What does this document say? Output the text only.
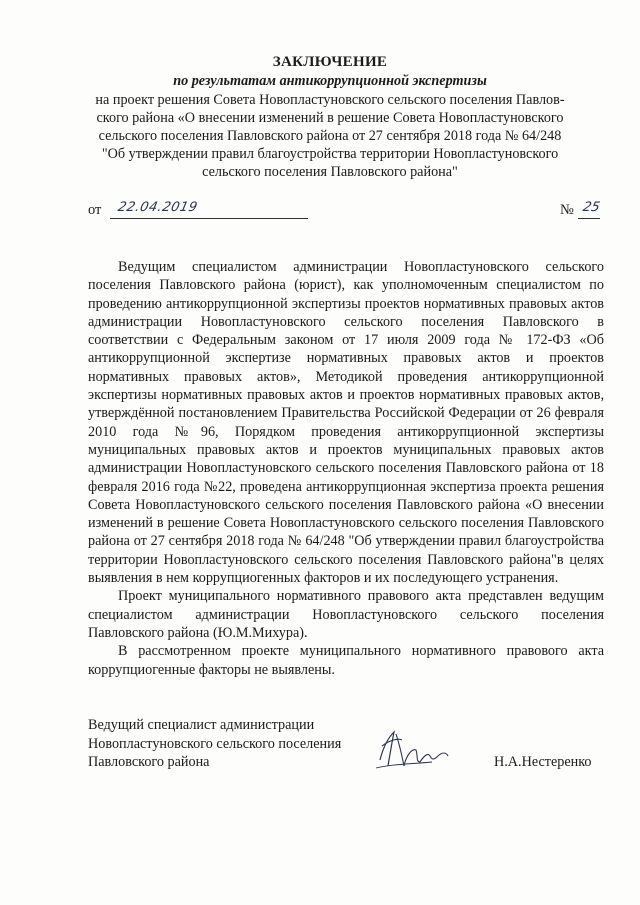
ЗАКЛЮЧЕНИЕ
по результатам антикоррупционной экспертизы

на проект решения Совета Новопластуновского сельского поселения Павлов-
ского района «О внесении изменений в решение Совета Новопластуновского
сельского поселения Павловского района от 27 сентября 2018 года № 64/248
"Об утверждении правил благоустройства территории Новопластуновского
сельского поселения Павловского района"

от 22.04.2019	№ 25

Ведущим специалистом администрации Новопластуновского сельского поселения Павловского района (юрист), как уполномоченным специалистом по проведению антикоррупционной экспертизы проектов нормативных правовых актов администрации Новопластуновского сельского поселения Павловского в соответствии с Федеральным законом от 17 июля 2009 года № 172-ФЗ «Об антикоррупционной экспертизе нормативных правовых актов и проектов нормативных правовых актов», Методикой проведения антикоррупционной экспертизы нормативных правовых актов и проектов нормативных правовых актов, утверждённой постановлением Правительства Российской Федерации от 26 февраля 2010 года №96, Порядком проведения антикоррупционной экспертизы муниципальных правовых актов и проектов муниципальных правовых актов администрации Новопластуновского сельского поселения Павловского района от 18 февраля 2016 года №22, проведена антикоррупционная экспертиза проекта решения Совета Новопластуновского сельского поселения Павловского района «О внесении изменений в решение Совета Новопластуновского сельского поселения Павловского района от 27 сентября 2018 года № 64/248 "Об утверждении правил благоустройства территории Новопластуновского сельского поселения Павловского района"в целях выявления в нем коррупциогенных факторов и их последующего устранения.

Проект муниципального нормативного правового акта представлен ведущим специалистом администрации Новопластуновского сельского поселения Павловского района (Ю.М.Михура).

В рассмотренном проекте муниципального нормативного правового акта коррупциогенные факторы не выявлены.

Ведущий специалист администрации
Новопластуновского сельского поселения
Павловского района	Н.А.Нестеренко
